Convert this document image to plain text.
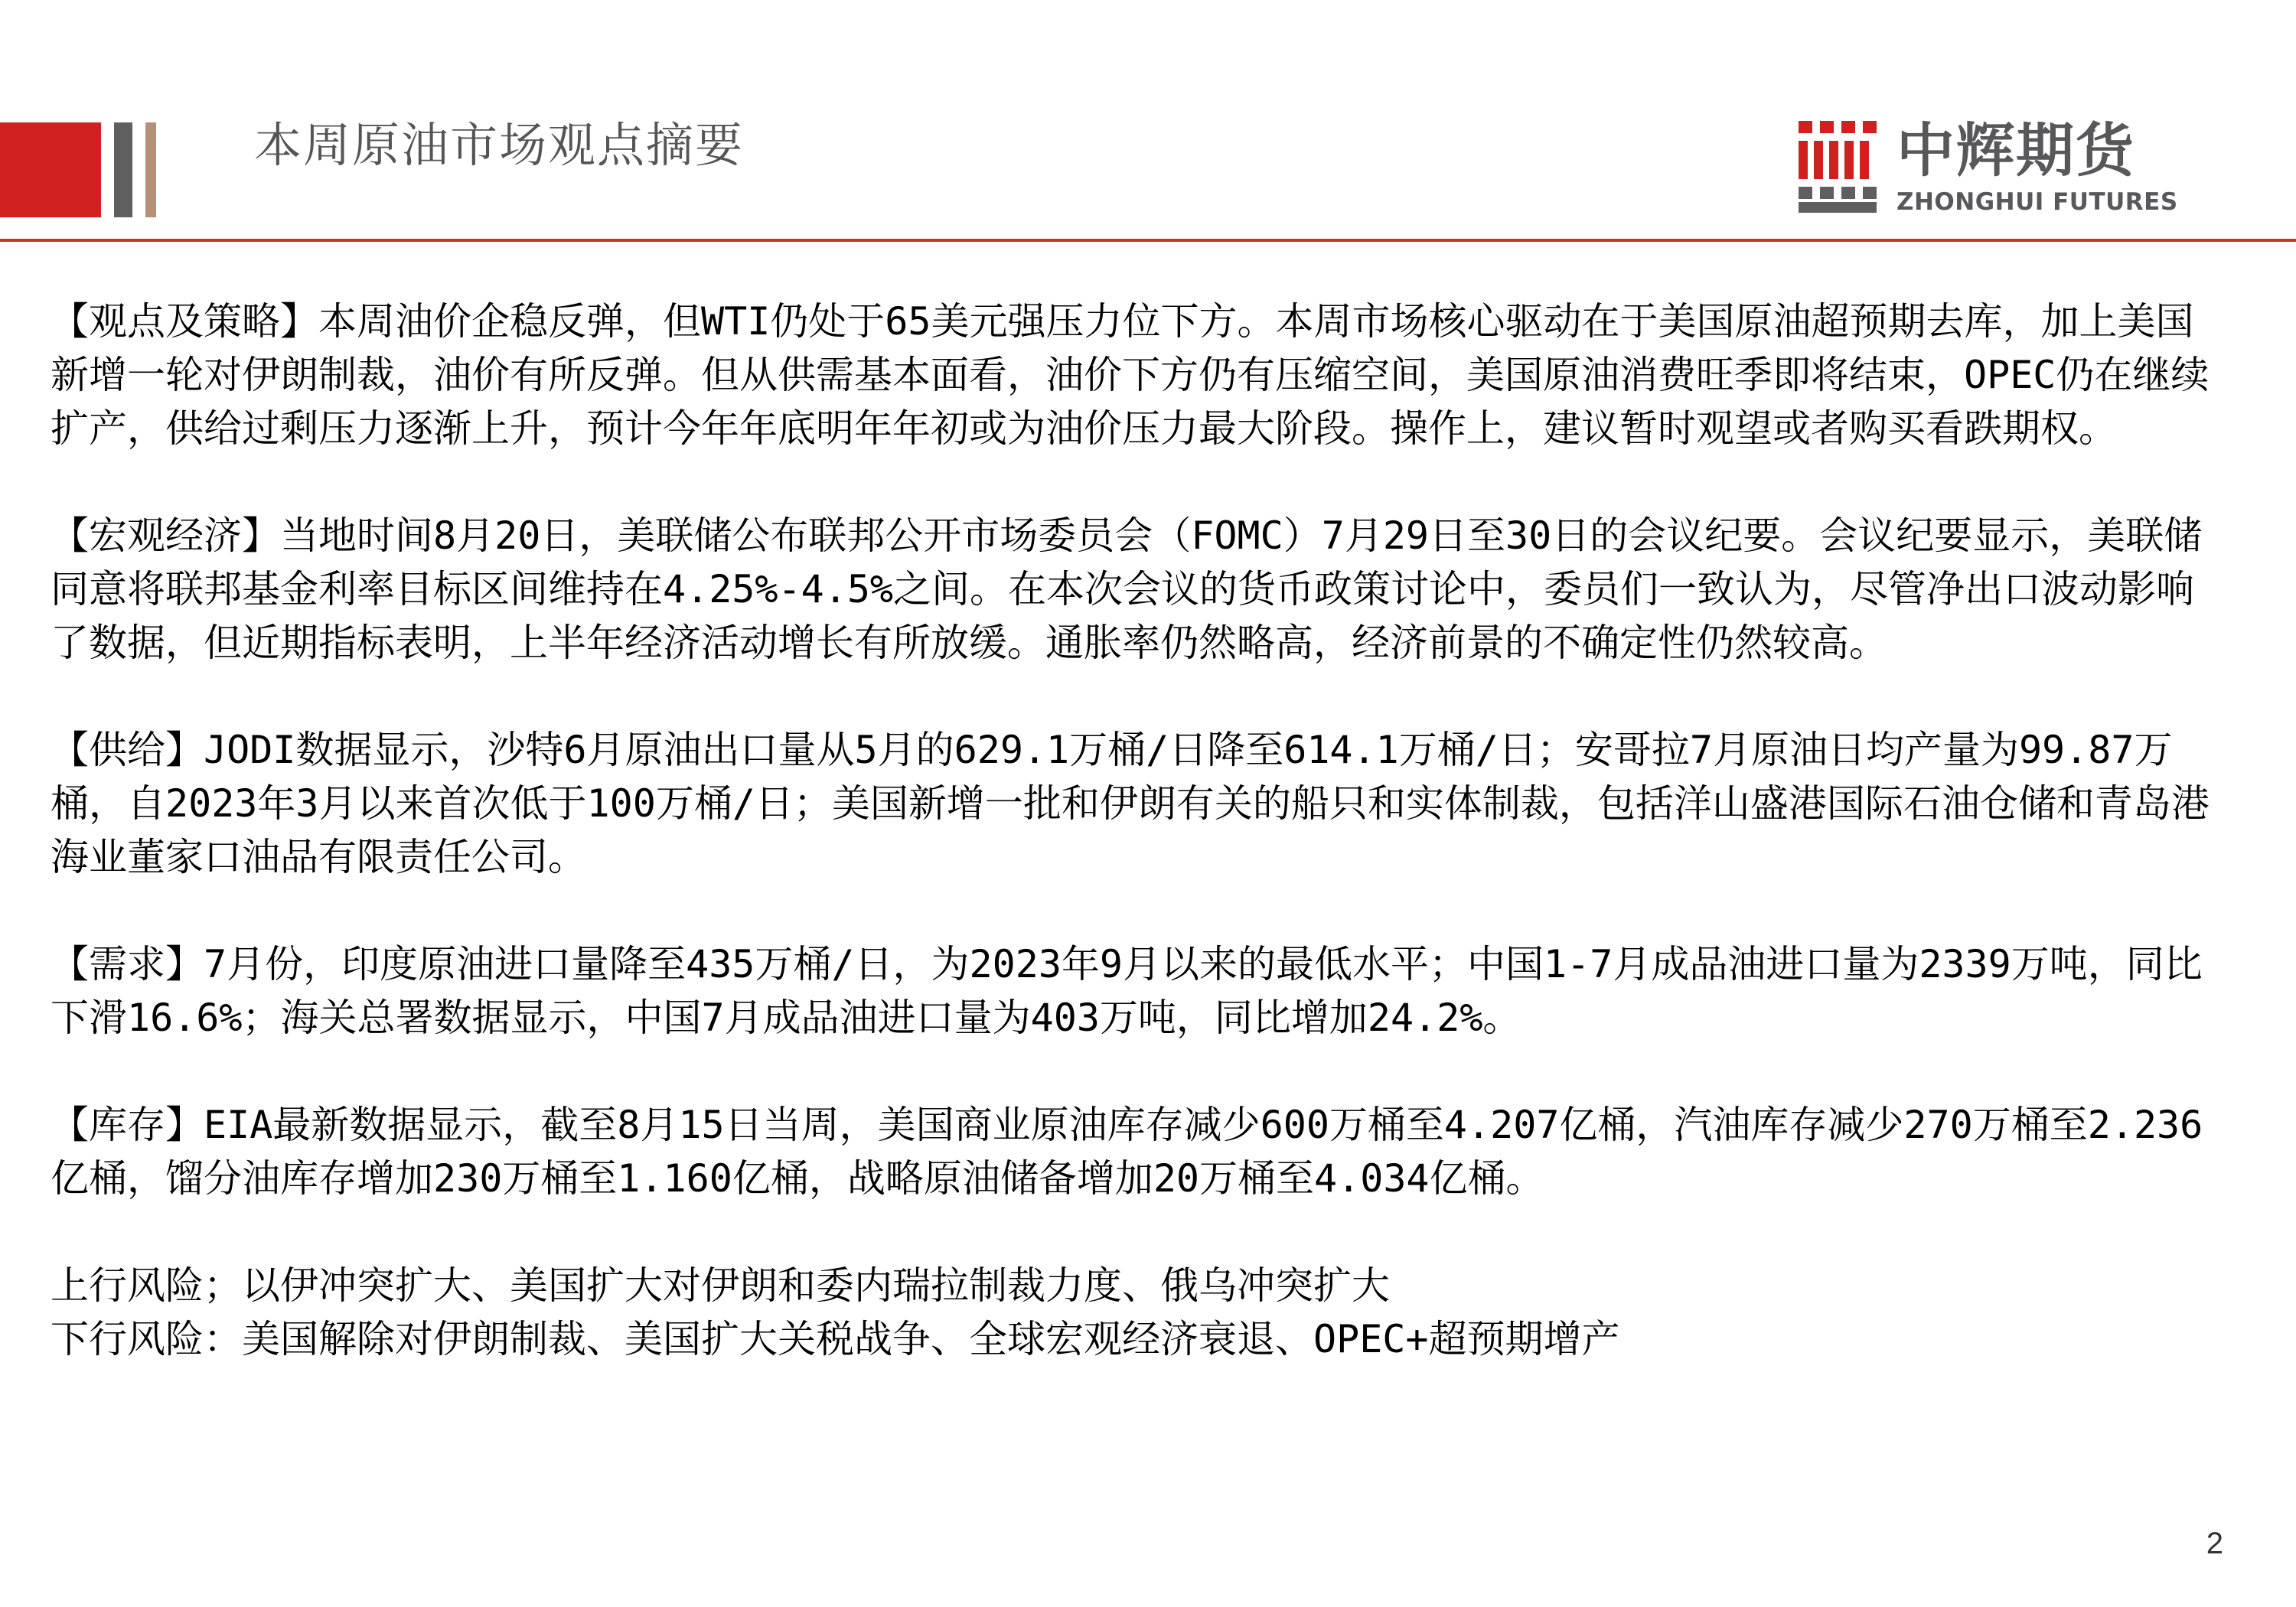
本周原油市场观点摘要	中辉期货
ZHONGHUI FUTURES

【观点及策略】本周油价企稳反弹，但WTI仍处于65美元强压力位下方。本周市场核心驱动在于美国原油超预期去库，加上美国新增一轮对伊朗制裁，油价有所反弹。但从供需基本面看，油价下方仍有压缩空间，美国原油消费旺季即将结束，OPEC仍在继续扩产，供给过剩压力逐渐上升，预计今年年底明年年初或为油价压力最大阶段。操作上，建议暂时观望或者购买看跌期权。

【宏观经济】当地时间8月20日，美联储公布联邦公开市场委员会（FOMC）7月29日至30日的会议纪要。会议纪要显示，美联储同意将联邦基金利率目标区间维持在4.25%-4.5%之间。在本次会议的货币政策讨论中，委员们一致认为，尽管净出口波动影响了数据，但近期指标表明，上半年经济活动增长有所放缓。通胀率仍然略高，经济前景的不确定性仍然较高。

【供给】JODI数据显示，沙特6月原油出口量从5月的629.1万桶/日降至614.1万桶/日；安哥拉7月原油日均产量为99.87万桶，自2023年3月以来首次低于100万桶/日；美国新增一批和伊朗有关的船只和实体制裁，包括洋山盛港国际石油仓储和青岛港海业董家口油品有限责任公司。

【需求】7月份，印度原油进口量降至435万桶/日，为2023年9月以来的最低水平；中国1-7月成品油进口量为2339万吨，同比下滑16.6%；海关总署数据显示，中国7月成品油进口量为403万吨，同比增加24.2%。

【库存】EIA最新数据显示，截至8月15日当周，美国商业原油库存减少600万桶至4.207亿桶，汽油库存减少270万桶至2.236亿桶，馏分油库存增加230万桶至1.160亿桶，战略原油储备增加20万桶至4.034亿桶。

上行风险；以伊冲突扩大、美国扩大对伊朗和委内瑞拉制裁力度、俄乌冲突扩大

下行风险：美国解除对伊朗制裁、美国扩大关税战争、全球宏观经济衰退、OPEC+超预期增产

2
